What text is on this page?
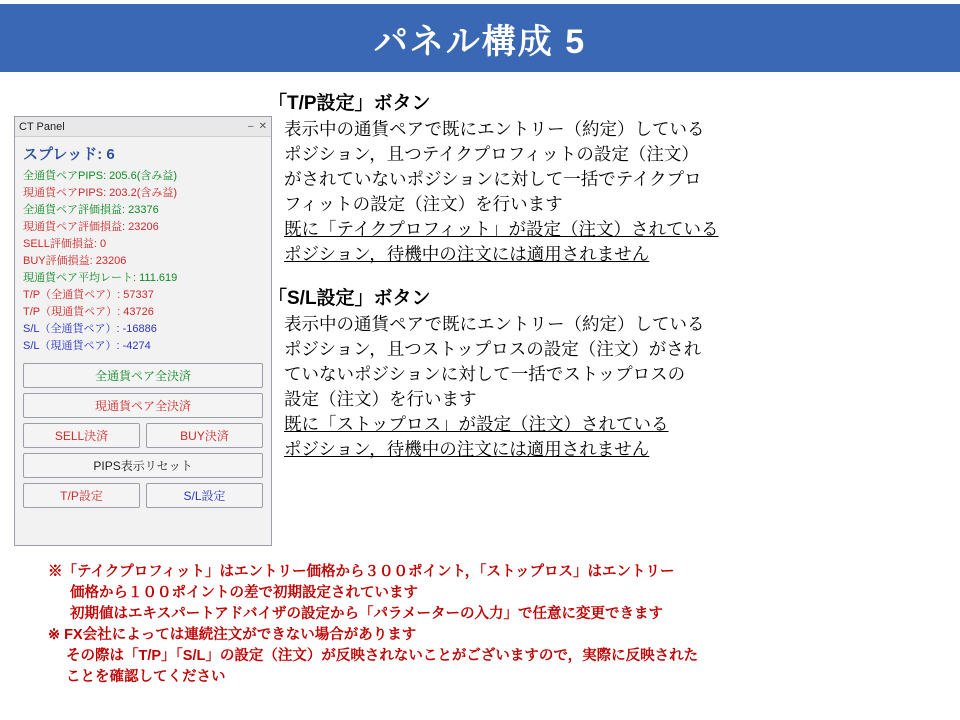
パネル構成 5
CT Panel	– ✕
スプレッド: 6
全通貨ペアPIPS: 205.6(含み益)
現通貨ペアPIPS: 203.2(含み益)
全通貨ペア評価損益: 23376
現通貨ペア評価損益: 23206
SELL評価損益: 0
BUY評価損益: 23206
現通貨ペア平均レート: 111.619
T/P（全通貨ペア）: 57337
T/P（現通貨ペア）: 43726
S/L（全通貨ペア）: -16886
S/L（現通貨ペア）: -4274
全通貨ペア全決済
現通貨ペア全決済
SELL決済	BUY決済
PIPS表示リセット
T/P設定	S/L設定
「T/P設定」ボタン
表示中の通貨ペアで既にエントリー（約定）している
ポジション，且つテイクプロフィットの設定（注文）
がされていないポジションに対して一括でテイクプロ
フィットの設定（注文）を行います
既に「テイクプロフィット」が設定（注文）されている
ポジション，待機中の注文には適用されません
「S/L設定」ボタン
表示中の通貨ペアで既にエントリー（約定）している
ポジション，且つストップロスの設定（注文）がされ
ていないポジションに対して一括でストップロスの
設定（注文）を行います
既に「ストップロス」が設定（注文）されている
ポジション，待機中の注文には適用されません
※「テイクプロフィット」はエントリー価格から３００ポイント，「ストップロス」はエントリー
価格から１００ポイントの差で初期設定されています
初期値はエキスパートアドバイザの設定から「パラメーターの入力」で任意に変更できます
※ FX会社によっては連続注文ができない場合があります
その際は「T/P」「S/L」の設定（注文）が反映されないことがございますので，実際に反映された
ことを確認してください
